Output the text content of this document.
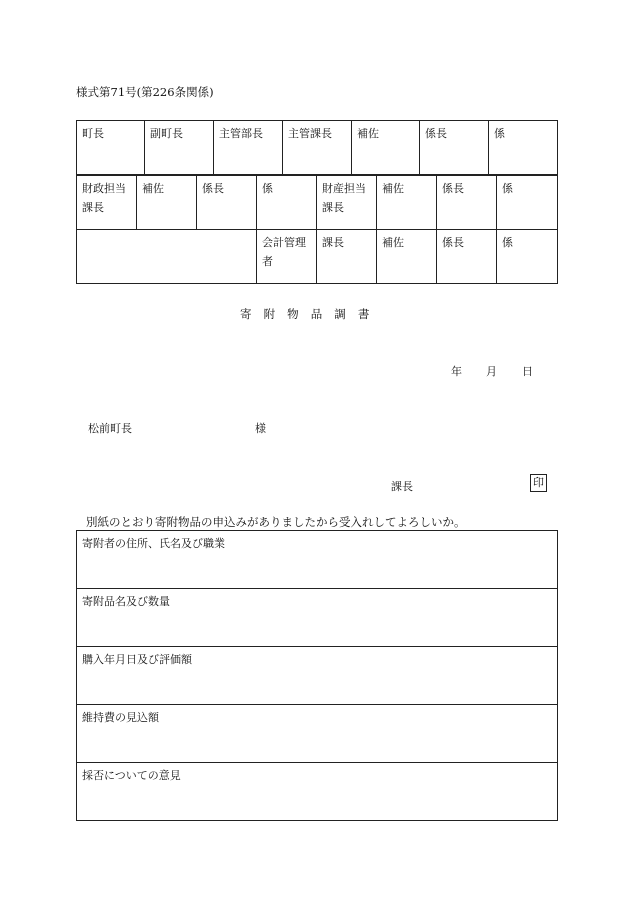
様式第71号(第226条関係)
町長	副町長	主管部長	主管課長	補佐	係長	係
財政担当課長	補佐	係長	係	財産担当課長	補佐	係長	係
			会計管理者	課長	補佐	係長	係
寄附物品調書
年 月 日
松前町長	様
課長	印
別紙のとおり寄附物品の申込みがありましたから受入れしてよろしいか。
寄附者の住所、氏名及び職業
寄附品名及び数量
購入年月日及び評価額
維持費の見込額
採否についての意見
